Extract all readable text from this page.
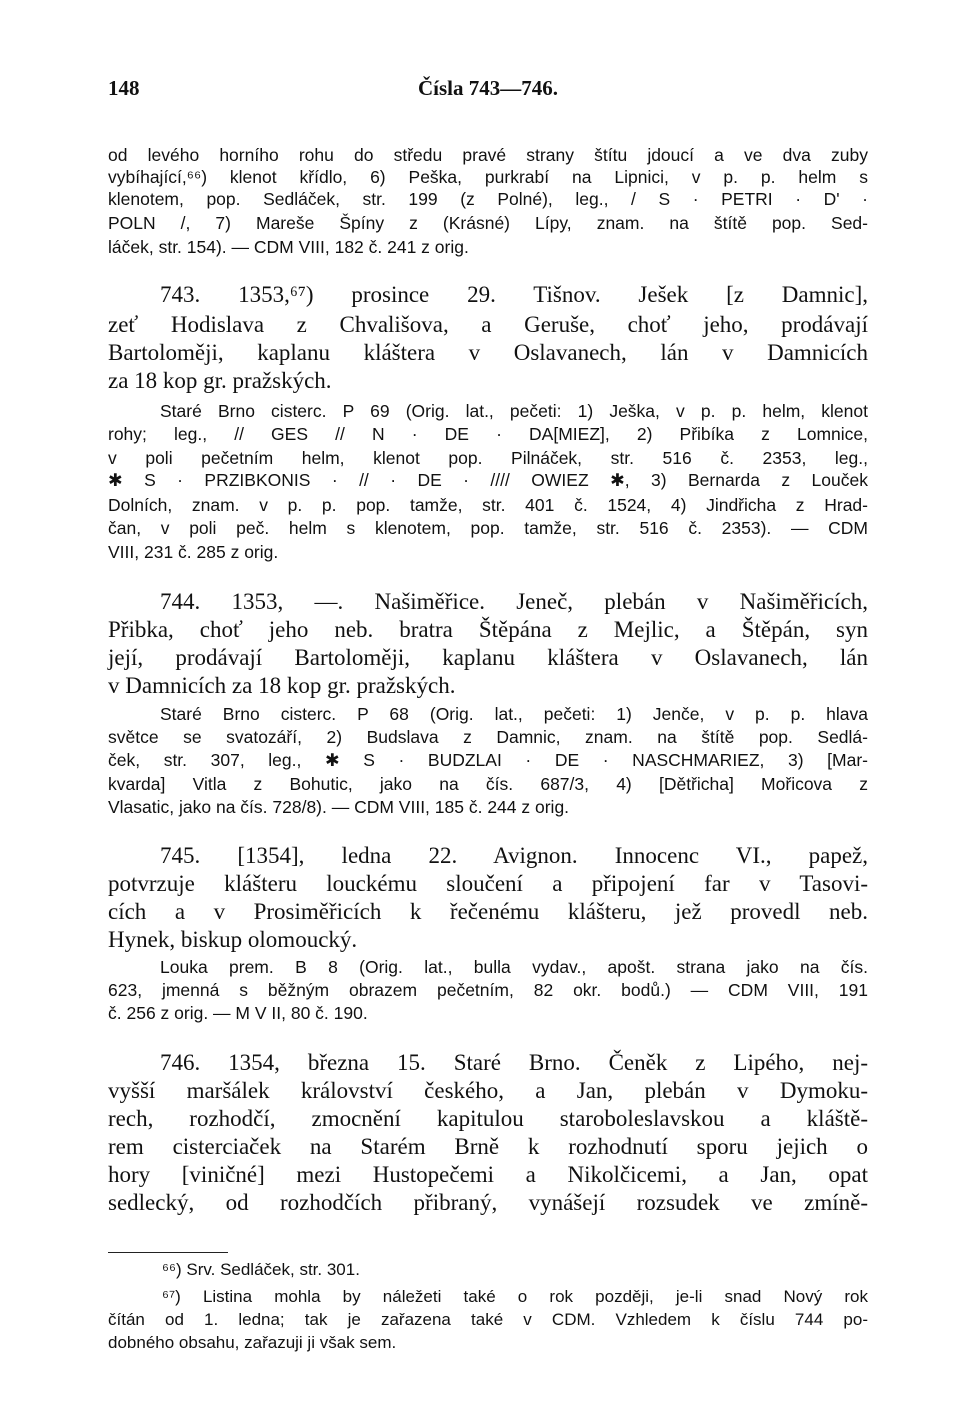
148	Čísla 743—746.
od levého horního rohu do středu pravé strany štítu jdoucí a ve dva zuby
vybíhající,⁶⁶) klenot křídlo, 6) Peška, purkrabí na Lipnici, v p. p. helm s
klenotem, pop. Sedláček, str. 199 (z Polné), leg., / S · PETRI · D' ·
POLN /, 7) Mareše Špíny z (Krásné) Lípy, znam. na štítě pop. Sed-
láček, str. 154). — CDM VIII, 182 č. 241 z orig.
743. 1353,⁶⁷) prosince 29. Tišnov. Ješek [z Damnic],
zeť Hodislava z Chvališova, a Geruše, choť jeho, prodávají
Bartoloměji, kaplanu kláštera v Oslavanech, lán v Damnicích
za 18 kop gr. pražských.
Staré Brno cisterc. P 69 (Orig. lat., pečeti: 1) Ješka, v p. p. helm, klenot
rohy; leg., // GES // N · DE · DA[MIEZ], 2) Přibíka z Lomnice,
v poli pečetním helm, klenot pop. Pilnáček, str. 516 č. 2353, leg.,
✱ S · PRZIBKONIS · // · DE · //// OWIEZ ✱, 3) Bernarda z Louček
Dolních, znam. v p. p. pop. tamže, str. 401 č. 1524, 4) Jindřicha z Hrad-
čan, v poli peč. helm s klenotem, pop. tamže, str. 516 č. 2353). — CDM
VIII, 231 č. 285 z orig.
744. 1353, —. Našiměřice. Jeneč, plebán v Našiměřicích,
Přibka, choť jeho neb. bratra Štěpána z Mejlic, a Štěpán, syn
její, prodávají Bartoloměji, kaplanu kláštera v Oslavanech, lán
v Damnicích za 18 kop gr. pražských.
Staré Brno cisterc. P 68 (Orig. lat., pečeti: 1) Jenče, v p. p. hlava
světce se svatozáří, 2) Budslava z Damnic, znam. na štítě pop. Sedlá-
ček, str. 307, leg., ✱ S · BUDZLAI · DE · NASCHMARIEZ, 3) [Mar-
kvarda] Vitla z Bohutic, jako na čís. 687/3, 4) [Dětřicha] Mořicova z
Vlasatic, jako na čís. 728/8). — CDM VIII, 185 č. 244 z orig.
745. [1354], ledna 22. Avignon. Innocenc VI., papež,
potvrzuje klášteru louckému sloučení a připojení far v Tasovi-
cích a v Prosiměřicích k řečenému klášteru, jež provedl neb.
Hynek, biskup olomoucký.
Louka prem. B 8 (Orig. lat., bulla vydav., apošt. strana jako na čís.
623, jmenná s běžným obrazem pečetním, 82 okr. bodů.) — CDM VIII, 191
č. 256 z orig. — M V II, 80 č. 190.
746. 1354, března 15. Staré Brno. Čeněk z Lipého, nej-
vyšší maršálek království českého, a Jan, plebán v Dymoku-
rech, rozhodčí, zmocnění kapitulou staroboleslavskou a kláště-
rem cisterciaček na Starém Brně k rozhodnutí sporu jejich o
hory [viničné] mezi Hustopečemi a Nikolčicemi, a Jan, opat
sedlecký, od rozhodčích přibraný, vynášejí rozsudek ve zmíně-
⁶⁶) Srv. Sedláček, str. 301.
⁶⁷) Listina mohla by náležeti také o rok později, je-li snad Nový rok
čítán od 1. ledna; tak je zařazena také v CDM. Vzhledem k číslu 744 po-
dobného obsahu, zařazuji ji však sem.
